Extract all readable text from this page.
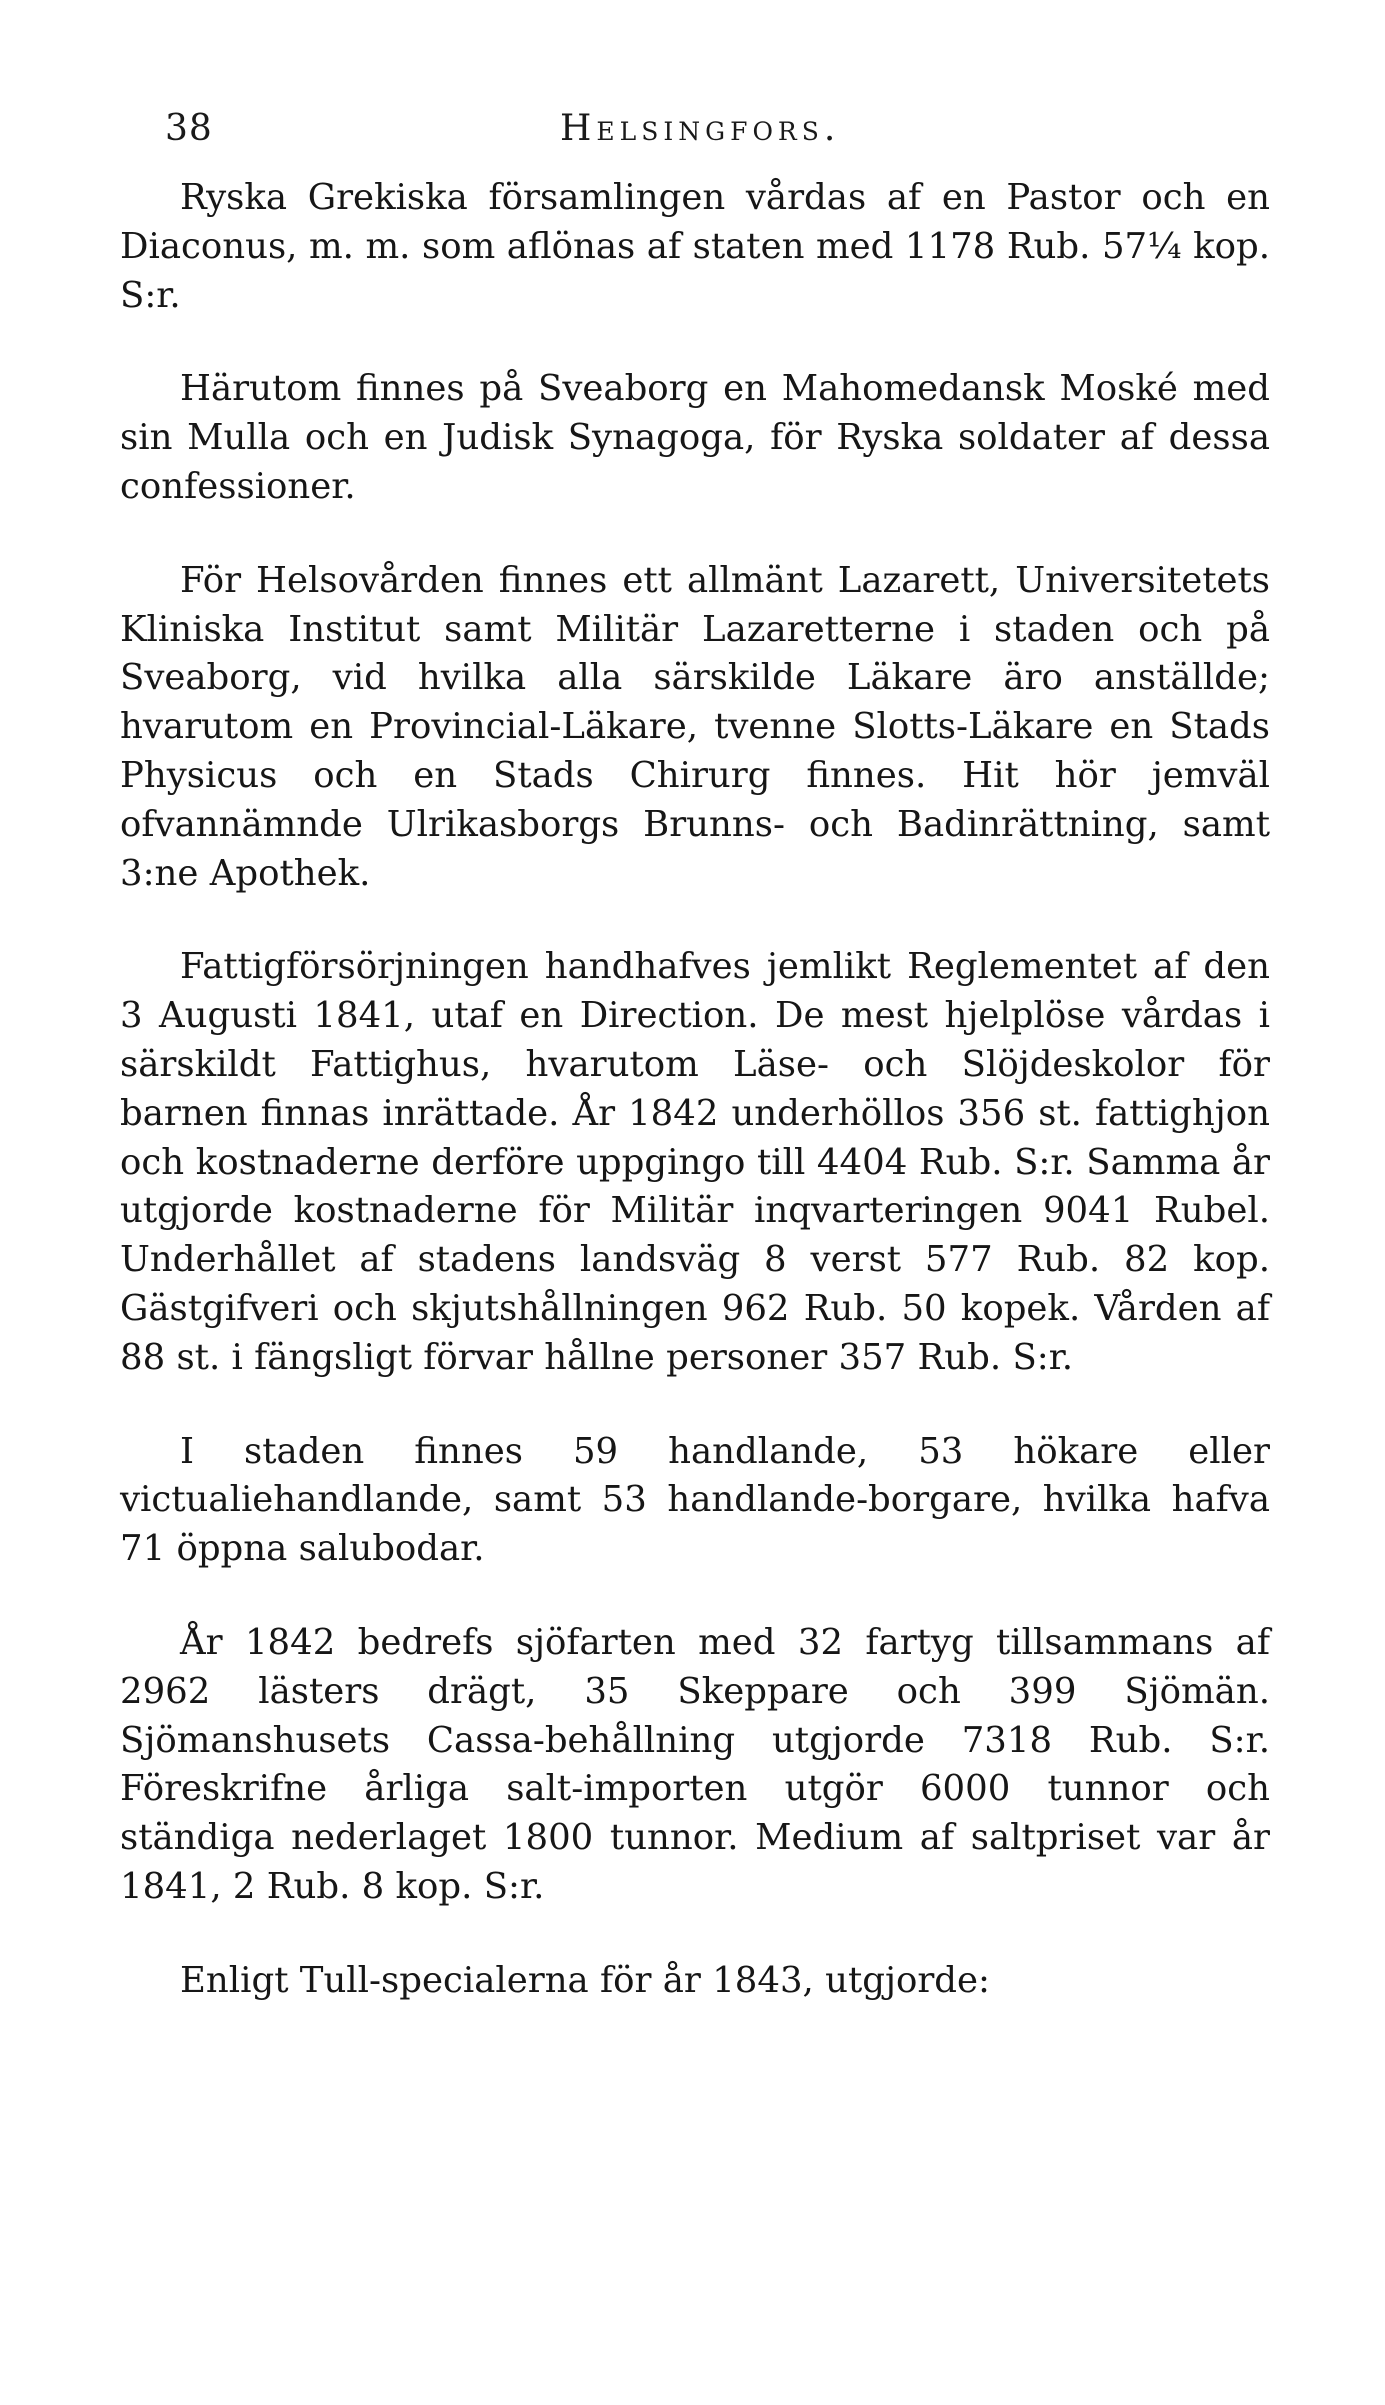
38	Helsingfors.

Ryska Grekiska församlingen vårdas af en Pastor och en Diaconus, m. m. som aflönas af staten med 1178 Rub. 57¼ kop. S:r.

Härutom finnes på Sveaborg en Mahomedansk Moské med sin Mulla och en Judisk Synagoga, för Ryska soldater af dessa confessioner.

För Helsovården finnes ett allmänt Lazarett, Universitetets Kliniska Institut samt Militär Lazaretterne i staden och på Sveaborg, vid hvilka alla särskilde Läkare äro anställde; hvarutom en Provincial-Läkare, tvenne Slotts-Läkare en Stads Physicus och en Stads Chirurg finnes. Hit hör jemväl ofvannämnde Ulrikasborgs Brunns- och Badinrättning, samt 3:ne Apothek.

Fattigförsörjningen handhafves jemlikt Reglementet af den 3 Augusti 1841, utaf en Direction. De mest hjelplöse vårdas i särskildt Fattighus, hvarutom Läse- och Slöjdeskolor för barnen finnas inrättade. År 1842 underhöllos 356 st. fattighjon och kostnaderne derföre uppgingo till 4404 Rub. S:r. Samma år utgjorde kostnaderne för Militär inqvarteringen 9041 Rubel. Underhållet af stadens landsväg 8 verst 577 Rub. 82 kop. Gästgifveri och skjutshållningen 962 Rub. 50 kopek. Vården af 88 st. i fängsligt förvar hållne personer 357 Rub. S:r.

I staden finnes 59 handlande, 53 hökare eller victualiehandlande, samt 53 handlande-borgare, hvilka hafva 71 öppna salubodar.

År 1842 bedrefs sjöfarten med 32 fartyg tillsammans af 2962 lästers drägt, 35 Skeppare och 399 Sjömän. Sjömanshusets Cassa-behållning utgjorde 7318 Rub. S:r. Föreskrifne årliga salt-importen utgör 6000 tunnor och ständiga nederlaget 1800 tunnor. Medium af saltpriset var år 1841, 2 Rub. 8 kop. S:r.

Enligt Tull-specialerna för år 1843, utgjorde:
